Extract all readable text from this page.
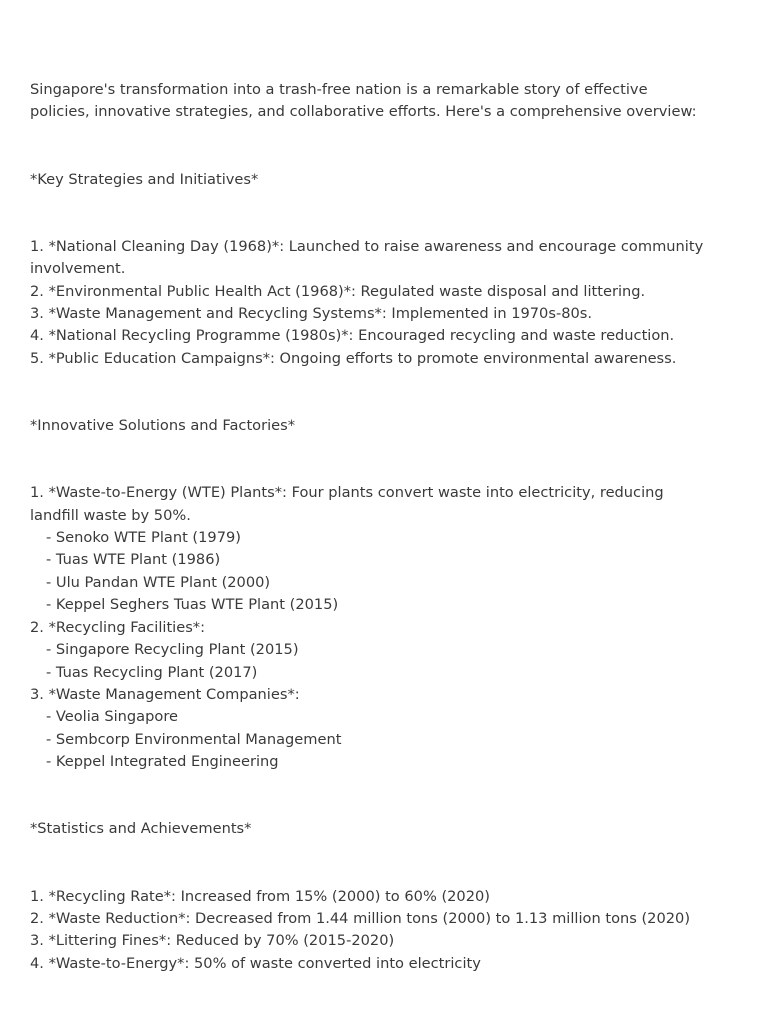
Singapore's transformation into a trash-free nation is a remarkable story of effective
policies, innovative strategies, and collaborative efforts. Here's a comprehensive overview:
*Key Strategies and Initiatives*
1. *National Cleaning Day (1968)*: Launched to raise awareness and encourage community
involvement.
2. *Environmental Public Health Act (1968)*: Regulated waste disposal and littering.
3. *Waste Management and Recycling Systems*: Implemented in 1970s-80s.
4. *National Recycling Programme (1980s)*: Encouraged recycling and waste reduction.
5. *Public Education Campaigns*: Ongoing efforts to promote environmental awareness.
*Innovative Solutions and Factories*
1. *Waste-to-Energy (WTE) Plants*: Four plants convert waste into electricity, reducing
landfill waste by 50%.
- Senoko WTE Plant (1979)
- Tuas WTE Plant (1986)
- Ulu Pandan WTE Plant (2000)
- Keppel Seghers Tuas WTE Plant (2015)
2. *Recycling Facilities*:
- Singapore Recycling Plant (2015)
- Tuas Recycling Plant (2017)
3. *Waste Management Companies*:
- Veolia Singapore
- Sembcorp Environmental Management
- Keppel Integrated Engineering
*Statistics and Achievements*
1. *Recycling Rate*: Increased from 15% (2000) to 60% (2020)
2. *Waste Reduction*: Decreased from 1.44 million tons (2000) to 1.13 million tons (2020)
3. *Littering Fines*: Reduced by 70% (2015-2020)
4. *Waste-to-Energy*: 50% of waste converted into electricity
